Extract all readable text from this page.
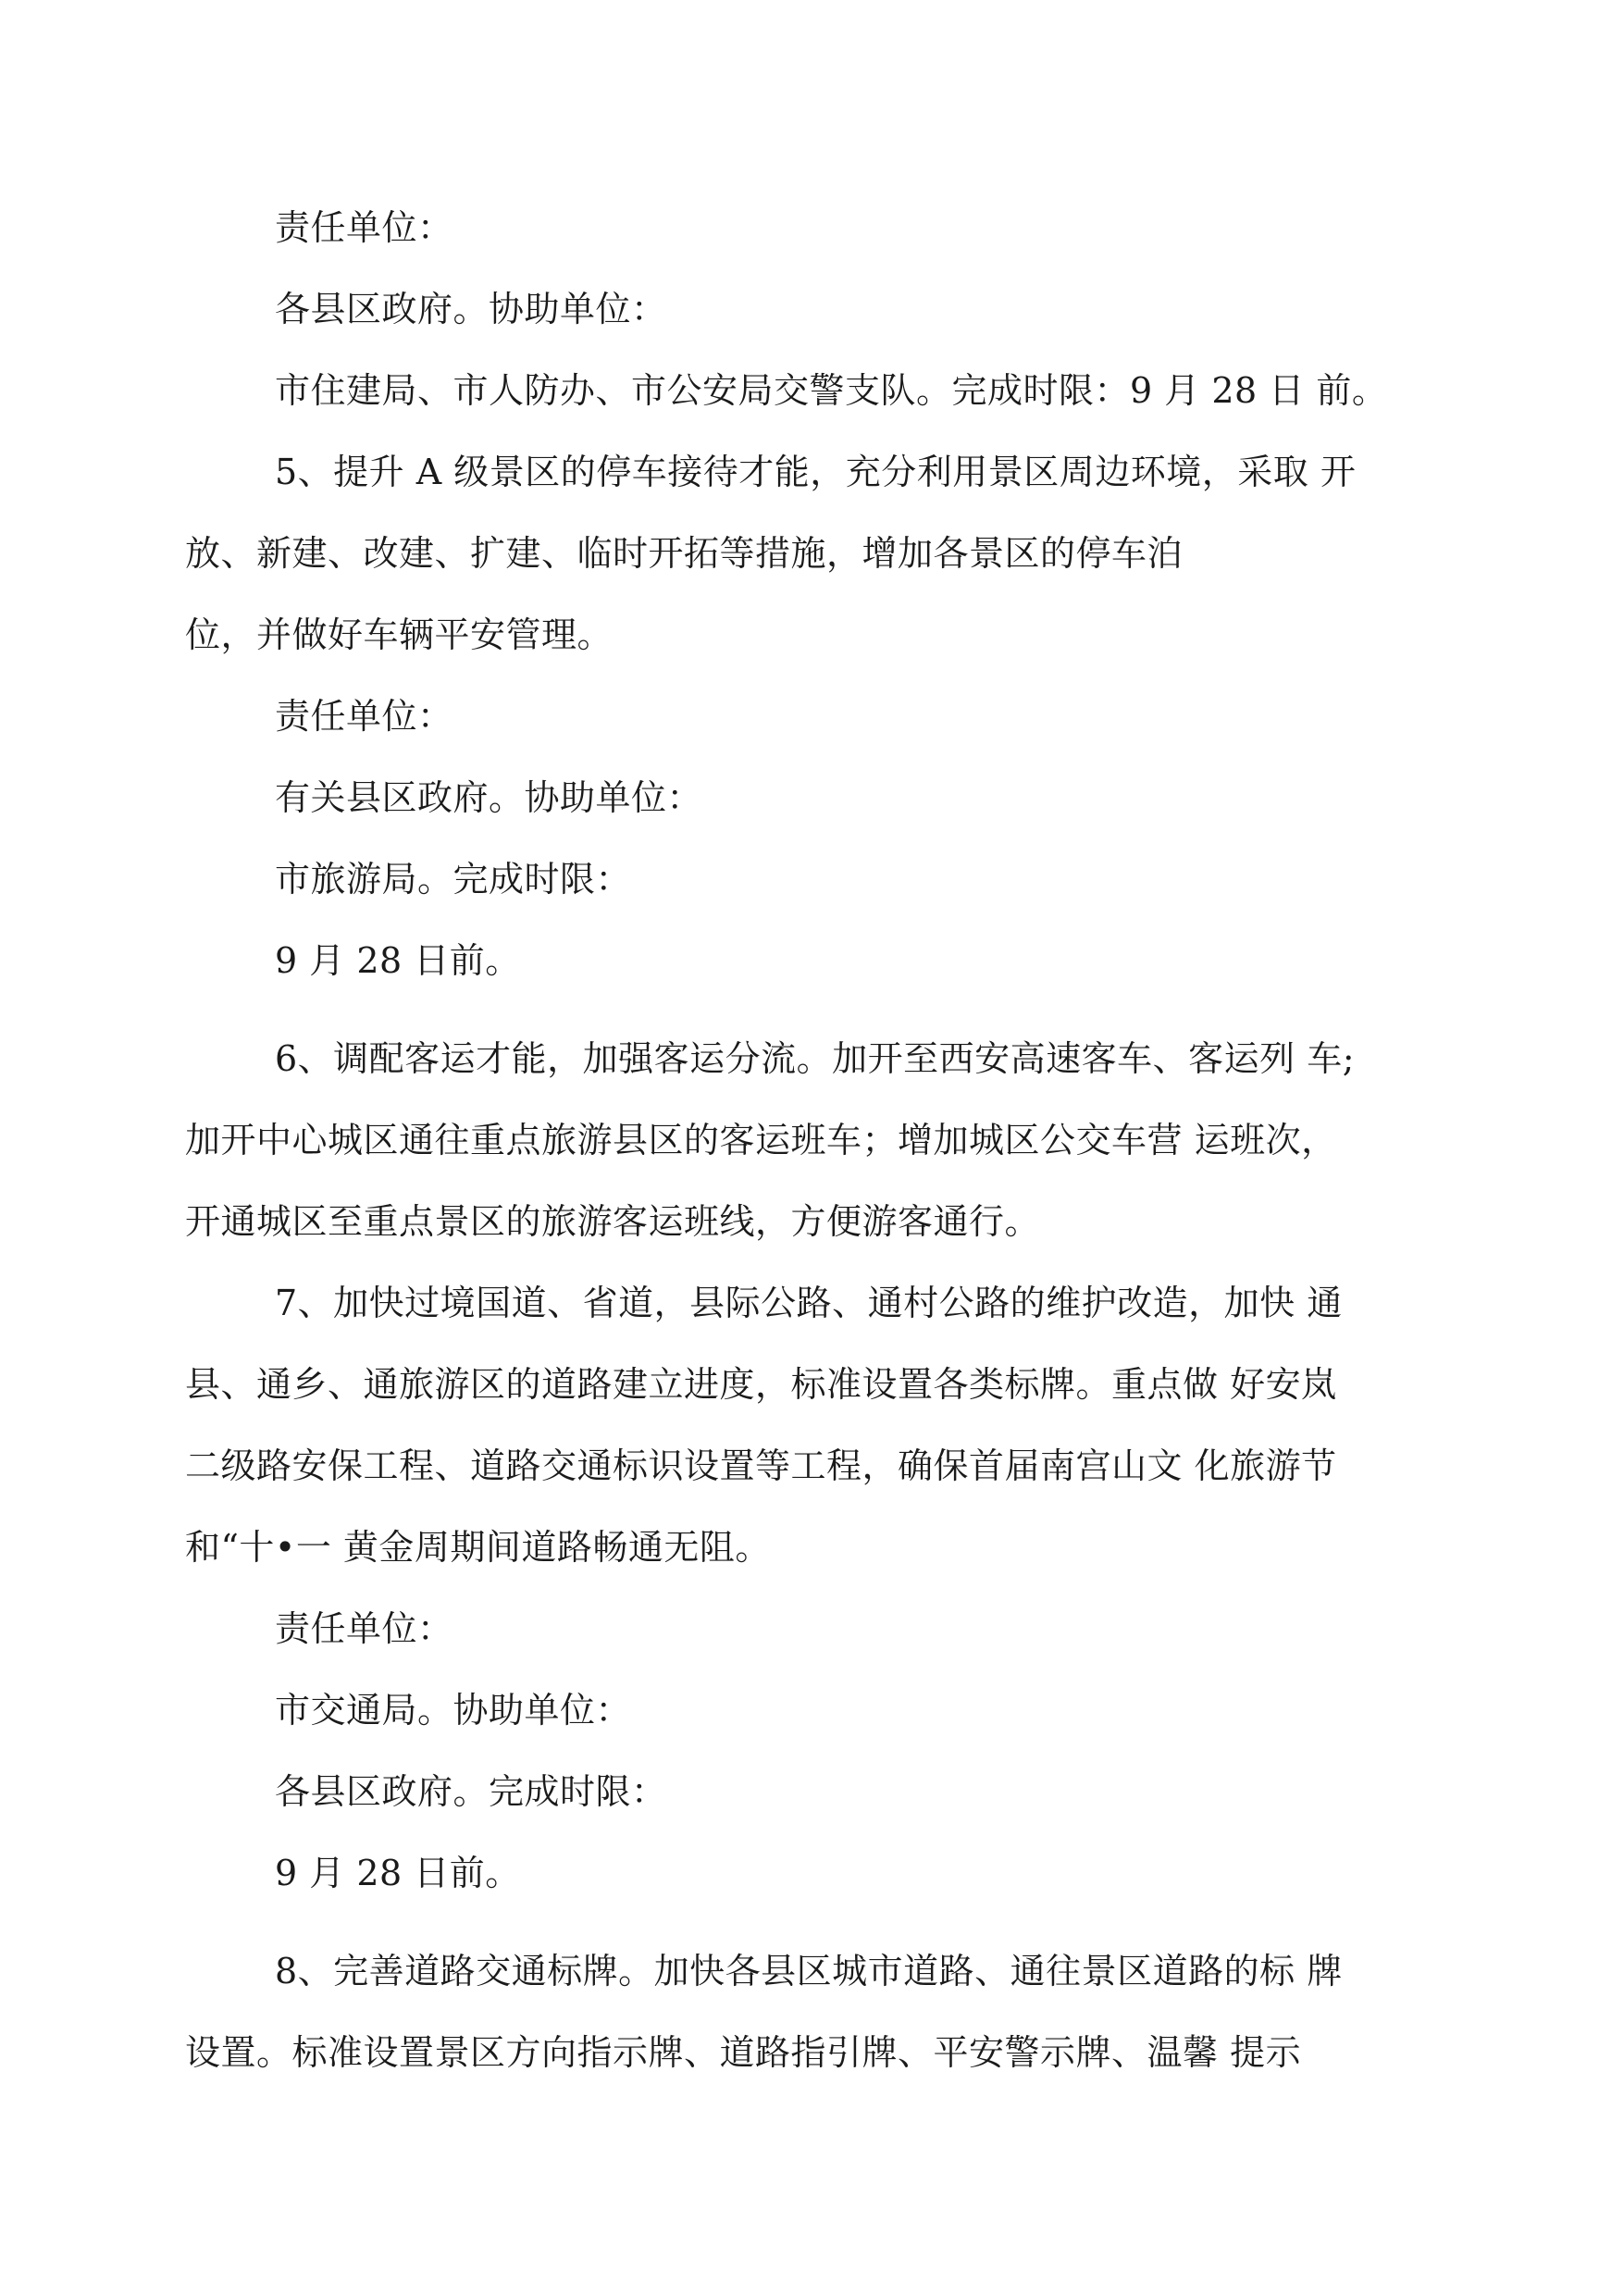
责任单位：
各县区政府。协助单位：
市住建局、市人防办、市公安局交警支队。完成时限：9 月 28 日 前。
5、提升 A 级景区的停车接待才能，充分利用景区周边环境，采取 开
放、新建、改建、扩建、临时开拓等措施，增加各景区的停车泊
位，并做好车辆平安管理。
责任单位：
有关县区政府。协助单位：
市旅游局。完成时限：
9 月 28 日前。
6、调配客运才能，加强客运分流。加开至西安高速客车、客运列 车;
加开中心城区通往重点旅游县区的客运班车；增加城区公交车营 运班次，
开通城区至重点景区的旅游客运班线，方便游客通行。
7、加快过境国道、省道，县际公路、通村公路的维护改造，加快 通
县、通乡、通旅游区的道路建立进度，标准设置各类标牌。重点做 好安岚
二级路安保工程、道路交通标识设置等工程，确保首届南宫山文 化旅游节
和“十•一 黄金周期间道路畅通无阻。
责任单位：
市交通局。协助单位：
各县区政府。完成时限：
9 月 28 日前。
8、完善道路交通标牌。加快各县区城市道路、通往景区道路的标 牌
设置。标准设置景区方向指示牌、道路指引牌、平安警示牌、温馨 提示
